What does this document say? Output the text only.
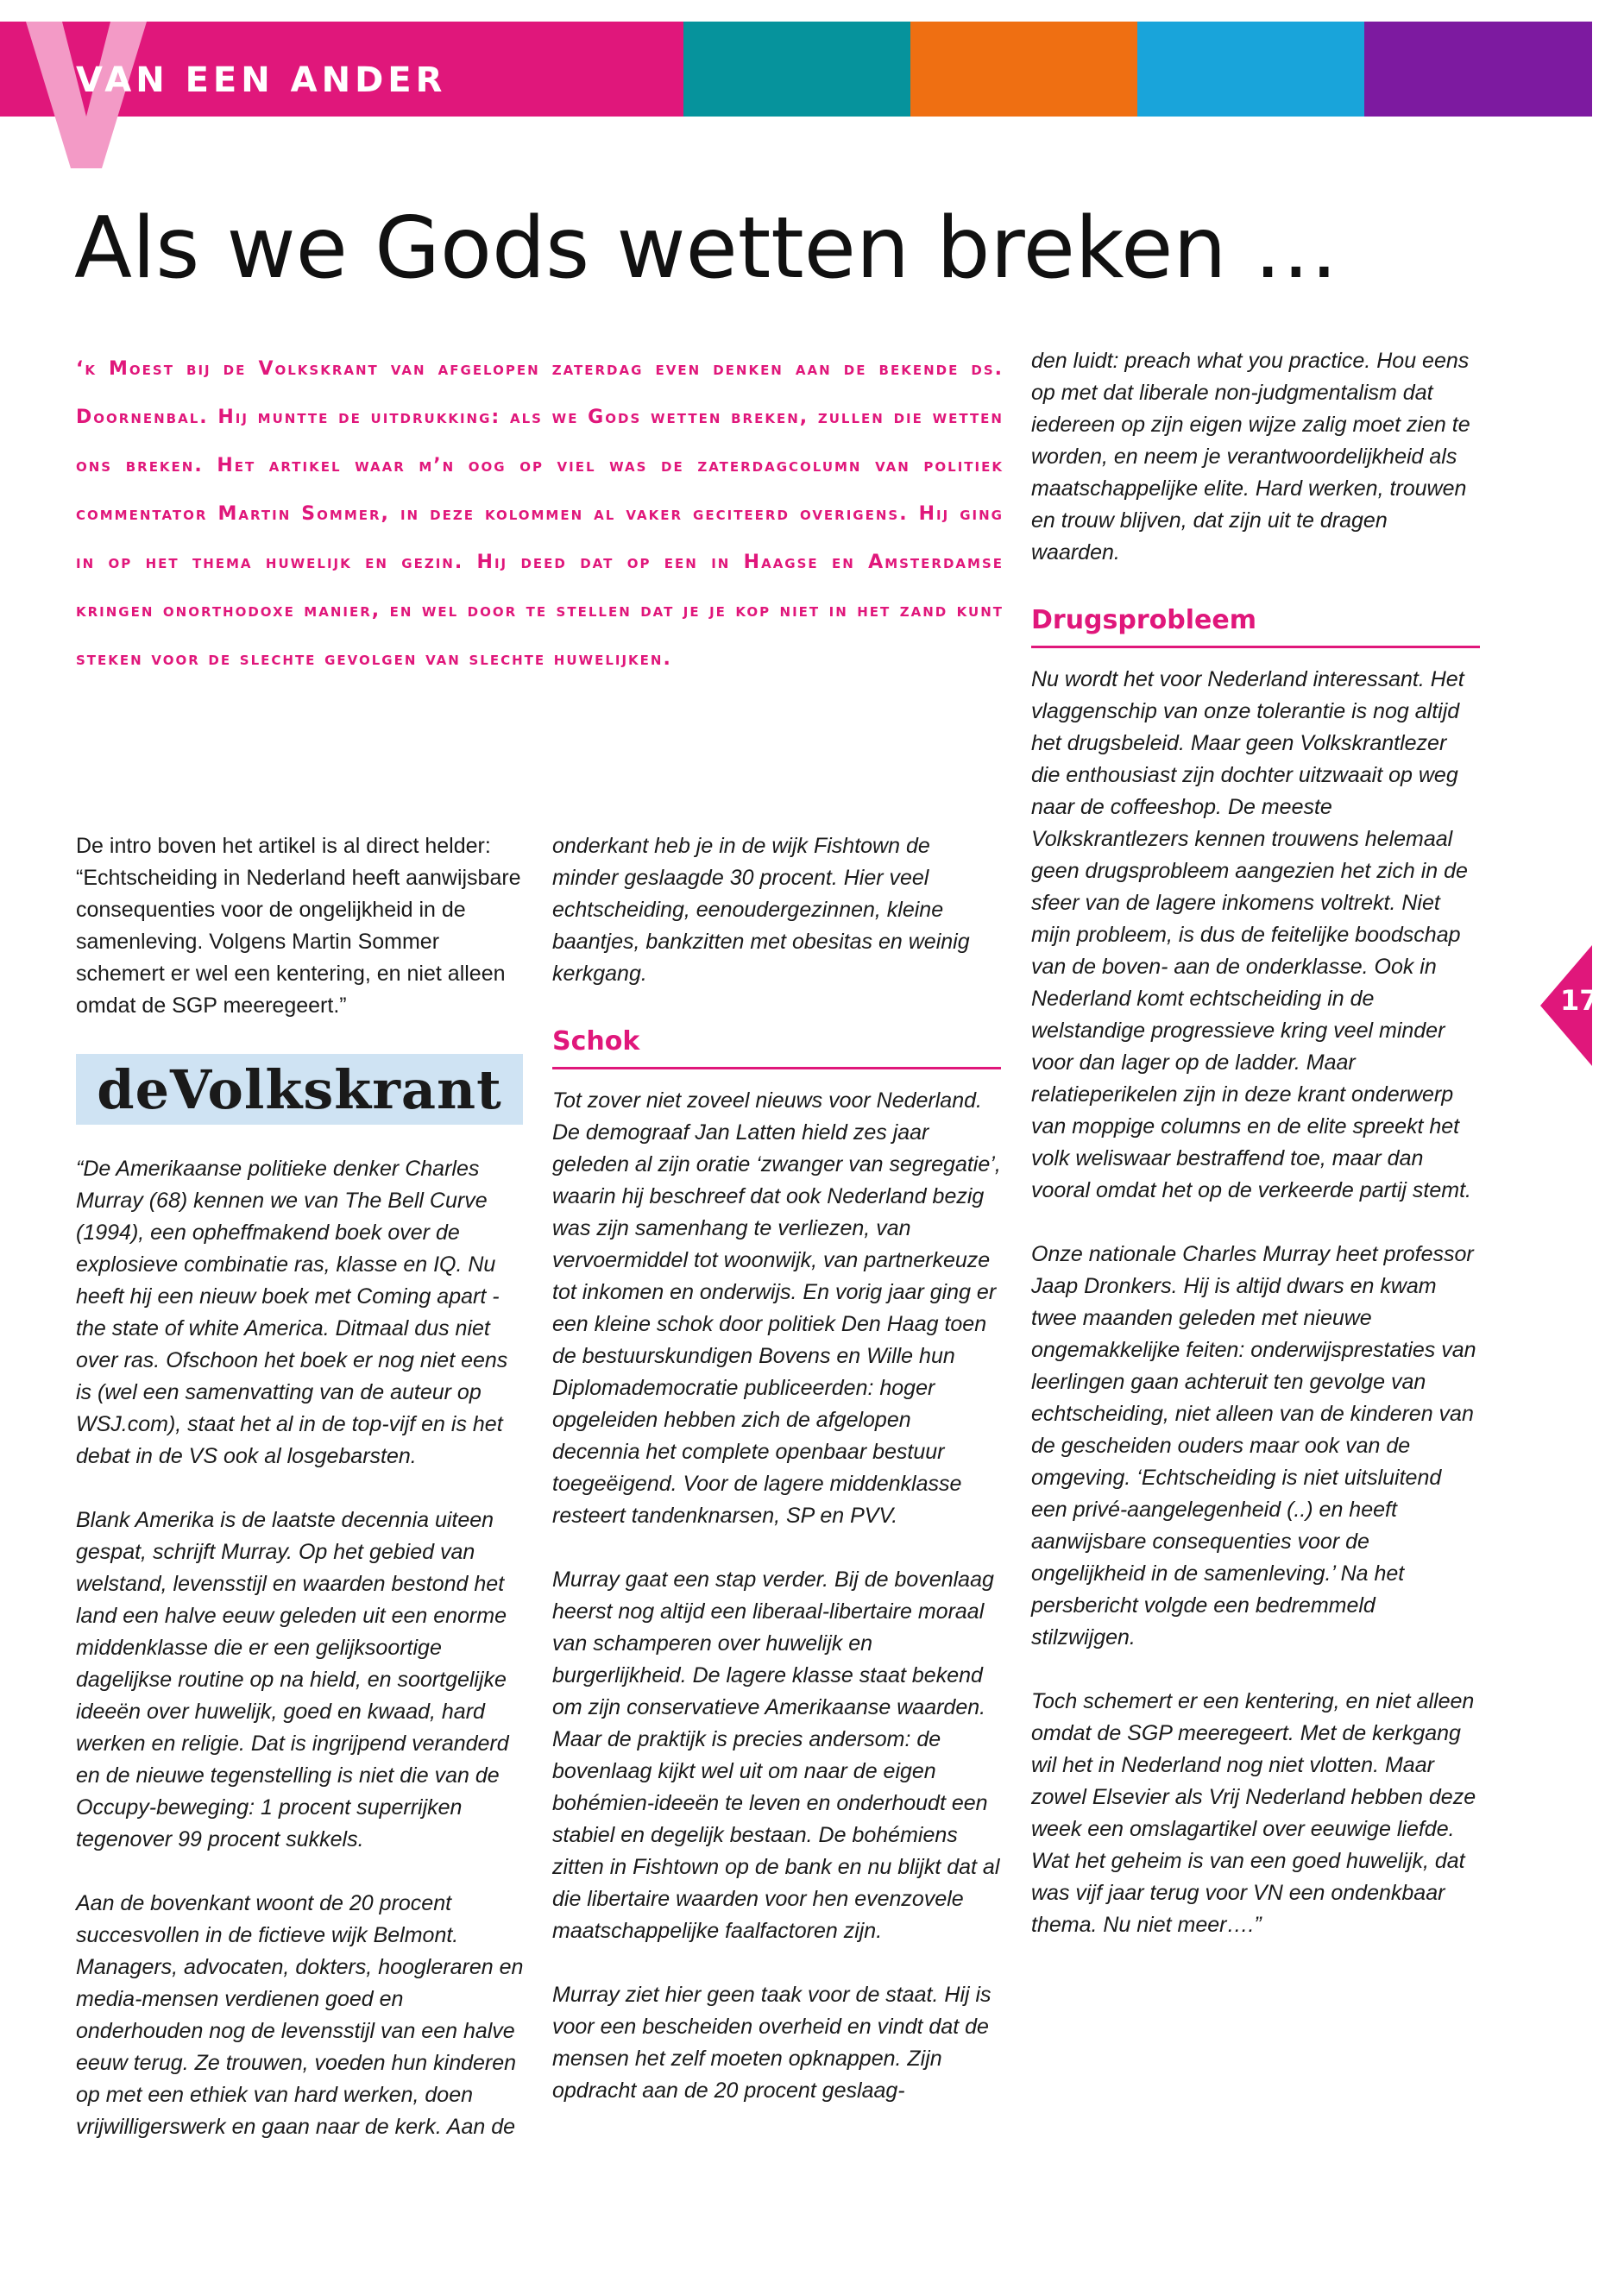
VAN EEN ANDER
Als we Gods wetten breken …

‘k Moest bij de Volkskrant van afgelopen zaterdag even denken aan de bekende ds. Doornenbal. Hij muntte de uitdrukking: als we Gods wetten breken, zullen die wetten ons breken. Het artikel waar m’n oog op viel was de zaterdagcolumn van politiek commentator Martin Sommer, in deze kolommen al vaker geciteerd overigens. Hij ging in op het thema huwelijk en gezin. Hij deed dat op een in Haagse en Amsterdamse kringen onorthodoxe manier, en wel door te stellen dat je je kop niet in het zand kunt steken voor de slechte gevolgen van slechte huwelijken.

De intro boven het artikel is al direct helder: “Echtscheiding in Nederland heeft aanwijsbare consequenties voor de ongelijkheid in de samenleving. Volgens Martin Sommer schemert er wel een kentering, en niet alleen omdat de SGP meeregeert.”

deVolkskrant

“De Amerikaanse politieke denker Charles Murray (68) kennen we van The Bell Curve (1994), een opheffmakend boek over de explosieve combinatie ras, klasse en IQ. Nu heeft hij een nieuw boek met Coming apart - the state of white America. Ditmaal dus niet over ras. Ofschoon het boek er nog niet eens is (wel een samenvatting van de auteur op WSJ.com), staat het al in de top-vijf en is het debat in de VS ook al losgebarsten.

Blank Amerika is de laatste decennia uiteen gespat, schrijft Murray. Op het gebied van welstand, levensstijl en waarden bestond het land een halve eeuw geleden uit een enorme middenklasse die er een gelijksoortige dagelijkse routine op na hield, en soortgelijke ideeën over huwelijk, goed en kwaad, hard werken en religie. Dat is ingrijpend veranderd en de nieuwe tegenstelling is niet die van de Occupy-beweging: 1 procent superrijken tegenover 99 procent sukkels.

Aan de bovenkant woont de 20 procent succesvollen in de fictieve wijk Belmont. Managers, advocaten, dokters, hoogleraren en media-mensen verdienen goed en onderhouden nog de levensstijl van een halve eeuw terug. Ze trouwen, voeden hun kinderen op met een ethiek van hard werken, doen vrijwilligerswerk en gaan naar de kerk. Aan de

onderkant heb je in de wijk Fishtown de minder geslaagde 30 procent. Hier veel echtscheiding, eenoudergezinnen, kleine baantjes, bankzitten met obesitas en weinig kerkgang.

Schok

Tot zover niet zoveel nieuws voor Nederland. De demograaf Jan Latten hield zes jaar geleden al zijn oratie ‘zwanger van segregatie’, waarin hij beschreef dat ook Nederland bezig was zijn samenhang te verliezen, van vervoermiddel tot woonwijk, van partnerkeuze tot inkomen en onderwijs. En vorig jaar ging er een kleine schok door politiek Den Haag toen de bestuurskundigen Bovens en Wille hun Diplomademocratie publiceerden: hoger opgeleiden hebben zich de afgelopen decennia het complete openbaar bestuur toegeëigend. Voor de lagere middenklasse resteert tandenknarsen, SP en PVV.

Murray gaat een stap verder. Bij de bovenlaag heerst nog altijd een liberaal-libertaire moraal van schamperen over huwelijk en burgerlijkheid. De lagere klasse staat bekend om zijn conservatieve Amerikaanse waarden. Maar de praktijk is precies andersom: de bovenlaag kijkt wel uit om naar de eigen bohémien-ideeën te leven en onderhoudt een stabiel en degelijk bestaan. De bohémiens zitten in Fishtown op de bank en nu blijkt dat al die libertaire waarden voor hen evenzovele maatschappelijke faalfactoren zijn.

Murray ziet hier geen taak voor de staat. Hij is voor een bescheiden overheid en vindt dat de mensen het zelf moeten opknappen. Zijn opdracht aan de 20 procent geslaag-

den luidt: preach what you practice. Hou eens op met dat liberale non-judgmentalism dat iedereen op zijn eigen wijze zalig moet zien te worden, en neem je verantwoordelijkheid als maatschappelijke elite. Hard werken, trouwen en trouw blijven, dat zijn uit te dragen waarden.

Drugsprobleem

Nu wordt het voor Nederland interessant. Het vlaggenschip van onze tolerantie is nog altijd het drugsbeleid. Maar geen Volkskrantlezer die enthousiast zijn dochter uitzwaait op weg naar de coffeeshop. De meeste Volkskrantlezers kennen trouwens helemaal geen drugsprobleem aangezien het zich in de sfeer van de lagere inkomens voltrekt. Niet mijn probleem, is dus de feitelijke boodschap van de boven- aan de onderklasse. Ook in Nederland komt echtscheiding in de welstandige progressieve kring veel minder voor dan lager op de ladder. Maar relatieperikelen zijn in deze krant onderwerp van moppige columns en de elite spreekt het volk weliswaar bestraffend toe, maar dan vooral omdat het op de verkeerde partij stemt.

Onze nationale Charles Murray heet professor Jaap Dronkers. Hij is altijd dwars en kwam twee maanden geleden met nieuwe ongemakkelijke feiten: onderwijsprestaties van leerlingen gaan achteruit ten gevolge van echtscheiding, niet alleen van de kinderen van de gescheiden ouders maar ook van de omgeving. ‘Echtscheiding is niet uitsluitend een privé-aangelegenheid (..) en heeft aanwijsbare consequenties voor de ongelijkheid in de samenleving.’ Na het persbericht volgde een bedremmeld stilzwijgen.

Toch schemert er een kentering, en niet alleen omdat de SGP meeregeert. Met de kerkgang wil het in Nederland nog niet vlotten. Maar zowel Elsevier als Vrij Nederland hebben deze week een omslagartikel over eeuwige liefde. Wat het geheim is van een goed huwelijk, dat was vijf jaar terug voor VN een ondenkbaar thema. Nu niet meer….”

17
